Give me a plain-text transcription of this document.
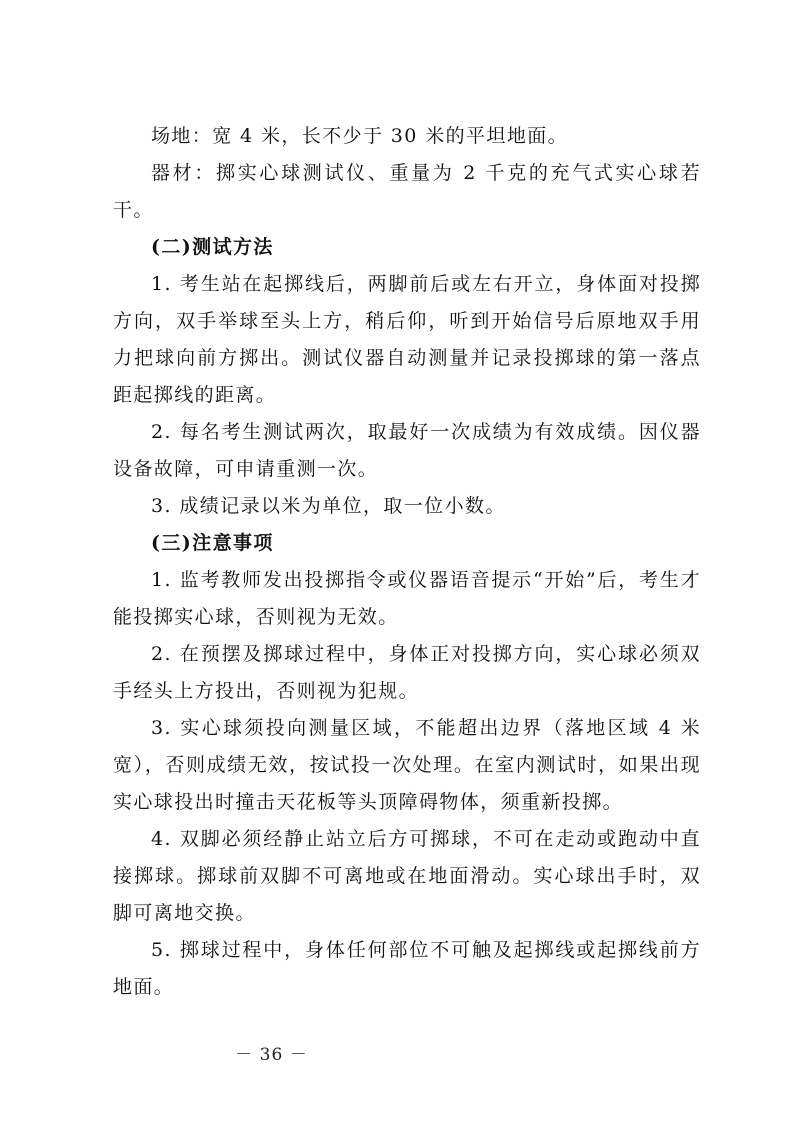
场地：宽 4 米，长不少于 30 米的平坦地面。

器材：掷实心球测试仪、重量为 2 千克的充气式实心球若干。

(二)测试方法

1. 考生站在起掷线后，两脚前后或左右开立，身体面对投掷方向，双手举球至头上方，稍后仰，听到开始信号后原地双手用力把球向前方掷出。测试仪器自动测量并记录投掷球的第一落点距起掷线的距离。

2. 每名考生测试两次，取最好一次成绩为有效成绩。因仪器设备故障，可申请重测一次。

3. 成绩记录以米为单位，取一位小数。

(三)注意事项

1. 监考教师发出投掷指令或仪器语音提示“开始”后，考生才能投掷实心球，否则视为无效。

2. 在预摆及掷球过程中，身体正对投掷方向，实心球必须双手经头上方投出，否则视为犯规。

3. 实心球须投向测量区域，不能超出边界（落地区域 4 米宽），否则成绩无效，按试投一次处理。在室内测试时，如果出现实心球投出时撞击天花板等头顶障碍物体，须重新投掷。

4. 双脚必须经静止站立后方可掷球，不可在走动或跑动中直接掷球。掷球前双脚不可离地或在地面滑动。实心球出手时，双脚可离地交换。

5. 掷球过程中，身体任何部位不可触及起掷线或起掷线前方地面。

－ 36 －
